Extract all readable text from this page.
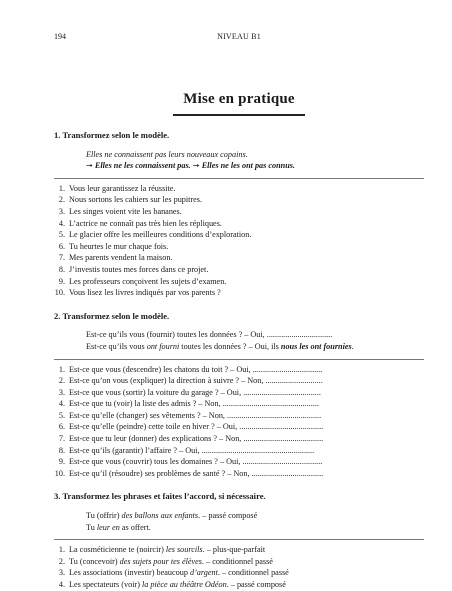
194	NIVEAU B1
Mise en pratique
1. Transformez selon le modèle.
Elles ne connaissent pas leurs nouveaux copains.
➞ Elles ne les connaissent pas. ➞ Elles ne les ont pas connus.
1. Vous leur garantissez la réussite.
2. Nous sortons les cahiers sur les pupitres.
3. Les singes voient vite les bananes.
4. L’actrice ne connaît pas très bien les répliques.
5. Le glacier offre les meilleures conditions d’exploration.
6. Tu heurtes le mur chaque fois.
7. Mes parents vendent la maison.
8. J’investis toutes mes forces dans ce projet.
9. Les professeurs conçoivent les sujets d’examen.
10. Vous lisez les livres indiqués par vos parents ?
2. Transformez selon le modèle.
Est-ce qu’ils vous (fournir) toutes les données ? – Oui, ................................
Est-ce qu’ils vous ont fourni toutes les données ? – Oui, ils nous les ont fournies.
1. Est-ce que vous (descendre) les chatons du toit ? – Oui, ..................................
2. Est-ce qu’on vous (expliquer) la direction à suivre ? – Non, ............................
3. Est-ce que vous (sortir) la voiture du garage ? – Oui, ......................................
4. Est-ce que tu (voir) la liste des admis ? – Non, ...............................................
5. Est-ce qu’elle (changer) ses vêtements ? – Non, ..............................................
6. Est-ce qu’elle (peindre) cette toile en hiver ? – Oui, .........................................
7. Est-ce que tu leur (donner) des explications ? – Non, .......................................
8. Est-ce qu’ils (garantir) l’affaire ? – Oui, .......................................................
9. Est-ce que vous (couvrir) tous les domaines ? – Oui, .......................................
10. Est-ce qu’il (résoudre) ses problèmes de santé ? – Non, ...................................
3. Transformez les phrases et faites l’accord, si nécessaire.
Tu (offrir) des ballons aux enfants. – passé composé
Tu leur en as offert.
1. La cosméticienne te (noircir) les sourcils. – plus-que-parfait
2. Tu (concevoir) des sujets pour tes élèves. – conditionnel passé
3. Les associations (investir) beaucoup d’argent. – conditionnel passé
4. Les spectateurs (voir) la pièce au théâtre Odéon. – passé composé
